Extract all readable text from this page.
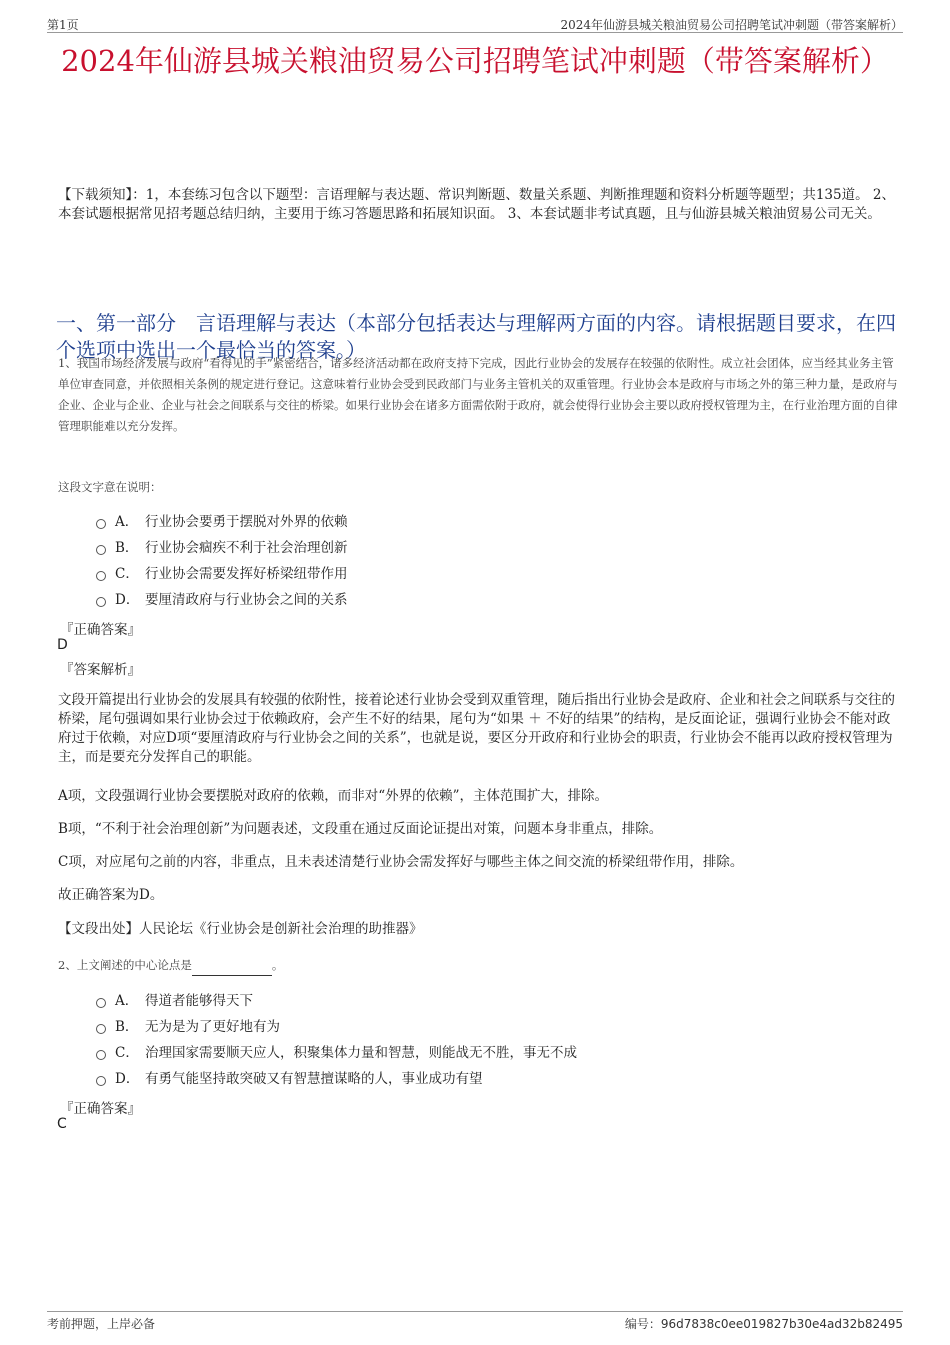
第1页	2024年仙游县城关粮油贸易公司招聘笔试冲刺题（带答案解析）
2024年仙游县城关粮油贸易公司招聘笔试冲刺题（带答案解析）
【下载须知】：1，本套练习包含以下题型：言语理解与表达题、常识判断题、数量关系题、判断推理题和资料分析题等题型；共135道。 2、本套试题根据常见招考题总结归纳，主要用于练习答题思路和拓展知识面。 3、本套试题非考试真题，且与仙游县城关粮油贸易公司无关。
一、第一部分　言语理解与表达（本部分包括表达与理解两方面的内容。请根据题目要求，在四个选项中选出一个最恰当的答案。）
1、我国市场经济发展与政府“看得见的手”紧密结合，诸多经济活动都在政府支持下完成，因此行业协会的发展存在较强的依附性。成立社会团体，应当经其业务主管单位审查同意，并依照相关条例的规定进行登记。这意味着行业协会受到民政部门与业务主管机关的双重管理。行业协会本是政府与市场之外的第三种力量，是政府与企业、企业与企业、企业与社会之间联系与交往的桥梁。如果行业协会在诸多方面需依附于政府，就会使得行业协会主要以政府授权管理为主，在行业治理方面的自律管理职能难以充分发挥。
这段文字意在说明：
A． 行业协会要勇于摆脱对外界的依赖
B． 行业协会痼疾不利于社会治理创新
C． 行业协会需要发挥好桥梁纽带作用
D． 要厘清政府与行业协会之间的关系
『正确答案』
D
『答案解析』
文段开篇提出行业协会的发展具有较强的依附性，接着论述行业协会受到双重管理，随后指出行业协会是政府、企业和社会之间联系与交往的桥梁，尾句强调如果行业协会过于依赖政府，会产生不好的结果，尾句为“如果 ＋ 不好的结果”的结构，是反面论证，强调行业协会不能对政府过于依赖，对应D项“要厘清政府与行业协会之间的关系”，也就是说，要区分开政府和行业协会的职责，行业协会不能再以政府授权管理为主，而是要充分发挥自己的职能。
A项，文段强调行业协会要摆脱对政府的依赖，而非对“外界的依赖”，主体范围扩大，排除。
B项，“不利于社会治理创新”为问题表述，文段重在通过反面论证提出对策，问题本身非重点，排除。
C项，对应尾句之前的内容，非重点，且未表述清楚行业协会需发挥好与哪些主体之间交流的桥梁纽带作用，排除。
故正确答案为D。
【文段出处】人民论坛《行业协会是创新社会治理的助推器》
2、上文阐述的中心论点是	。
A． 得道者能够得天下
B． 无为是为了更好地有为
C． 治理国家需要顺天应人，积聚集体力量和智慧，则能战无不胜，事无不成
D． 有勇气能坚持敢突破又有智慧擅谋略的人，事业成功有望
『正确答案』
C
考前押题，上岸必备	编号：96d7838c0ee019827b30e4ad32b82495
